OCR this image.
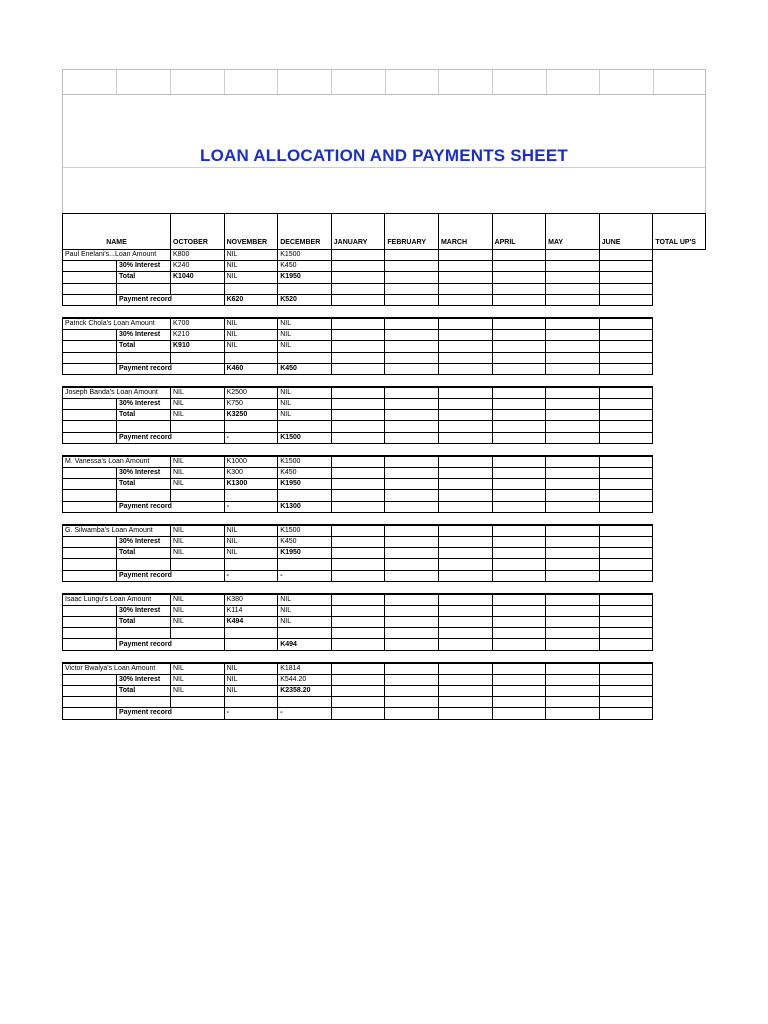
LOAN ALLOCATION AND PAYMENTS SHEET
NAME		OCTOBER	NOVEMBER	DECEMBER	JANUARY	FEBRUARY	MARCH	APRIL	MAY	JUNE	TOTAL UP'S
Paul Enelani's...Loan Amount		K800	NIL	K1500							
	30% Interest	K240	NIL	K450							
	Total	K1040	NIL	K1950							

	Payment record		K620	K520							

Patrick Chola's Loan Amount		K700	NIL	NIL							
	30% Interest	K210	NIL	NIL							
	Total	K910	NIL	NIL							

	Payment record		K460	K450							

Joseph Banda's Loan Amount		NIL	K2500	NIL							
	30% Interest	NIL	K750	NIL							
	Total	NIL	K3250	NIL							

	Payment record		-	K1500							

M. Vanessa's Loan Amount		NIL	K1000	K1500							
	30% Interest	NIL	K300	K450							
	Total	NIL	K1300	K1950							

	Payment record		-	K1300							

G. Silwamba's Loan Amount		NIL	NIL	K1500							
	30% Interest	NIL	NIL	K450							
	Total	NIL	NIL	K1950							

	Payment record		-	-							

Isaac Lungu's Loan Amount		NIL	K380	NIL							
	30% Interest	NIL	K114	NIL							
	Total	NIL	K494	NIL							

	Payment record			K494							

Victor Bwalya's Loan Amount		NIL	NIL	K1814							
	30% Interest	NIL	NIL	K544.20							
	Total	NIL	NIL	K2358.20							

	Payment record		-	-							
